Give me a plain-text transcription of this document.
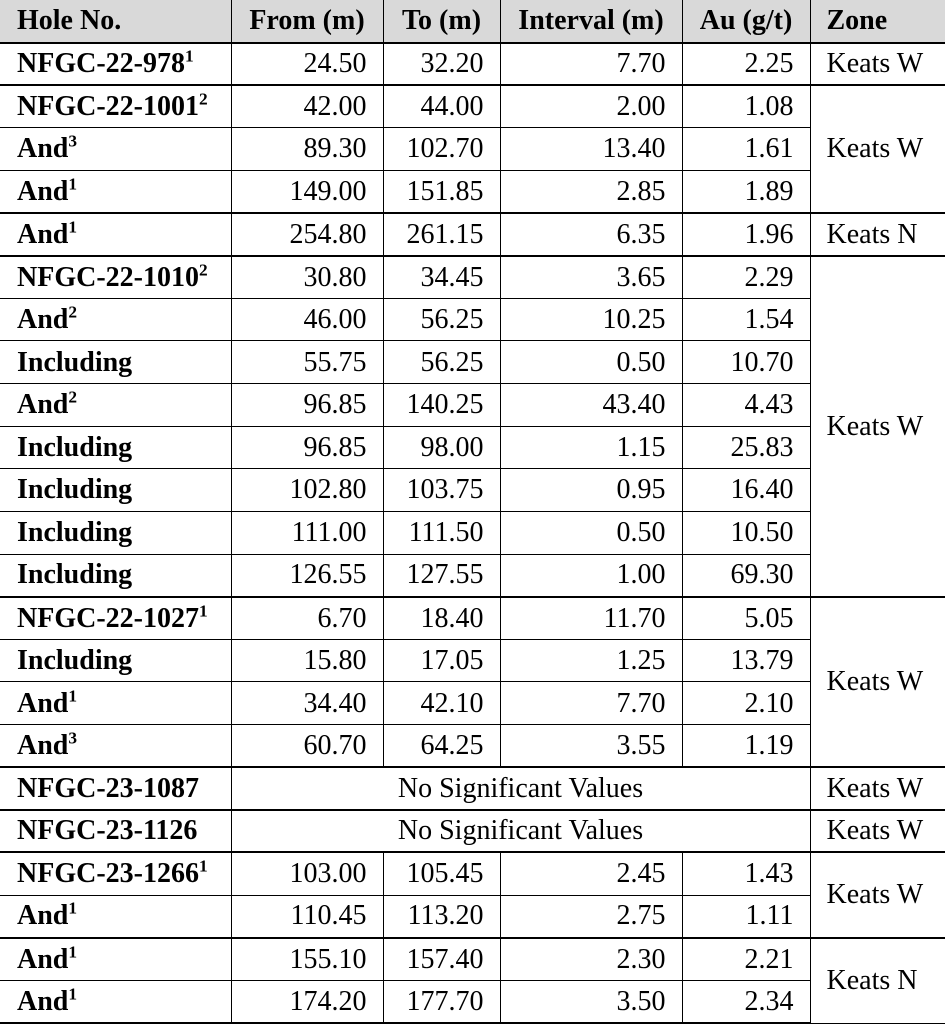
Hole No.	From (m)	To (m)	Interval (m)	Au (g/t)	Zone
NFGC-$22-978^1$	24.50	32.20	7.70	2.25	Keats W
NFGC-22-1001$^2$	42.00	44.00	2.00	1.08	Keats W
And$^3$	89.30	102.70	13.40	1.61	
And$^1$	149.00	151.85	2.85	1.89	
And$^1$	254.80	261.15	6.35	1.96	Keats N
NFGC-22-1010$^2$	30.80	34.45	3.65	2.29	Keats W
And$^2$	46.00	56.25	10.25	1.54	
Including	55.75	56.25	0.50	10.70	
And$^2$	96.85	140.25	43.40	4.43	
Including	96.85	98.00	1.15	25.83	
Including	102.80	103.75	0.95	16.40	
Including	111.00	111.50	0.50	10.50	
Including	126.55	127.55	1.00	69.30	
NFGC-22-1027$^1$	6.70	18.40	11.70	5.05	Keats W
Including	15.80	17.05	1.25	13.79	
And$^1$	34.40	42.10	7.70	2.10	
And$^3$	60.70	64.25	3.55	1.19	
NFGC-23-1087	No Significant Values				Keats W
NFGC-23-1126	No Significant Values				Keats W
NFGC-23-1266$^1$	103.00	105.45	2.45	1.43	Keats W
And$^1$	110.45	113.20	2.75	1.11	
And$^1$	155.10	157.40	2.30	2.21	Keats N
And$^1$	174.20	177.70	3.50	2.34	
